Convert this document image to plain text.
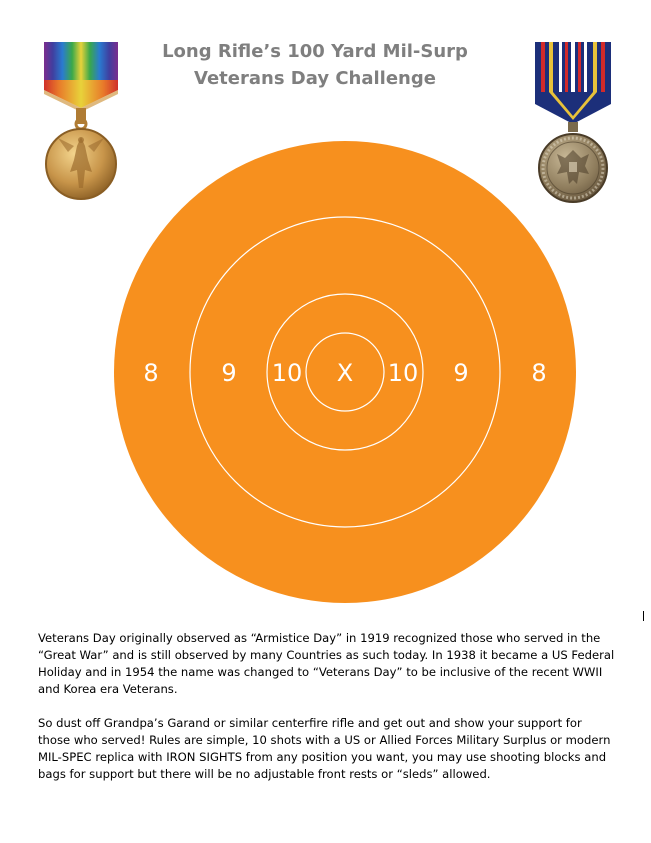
Long Rifle’s 100 Yard Mil-Surp
Veterans Day Challenge
8	9 10 X 10 9	8

Veterans Day originally observed as “Armistice Day” in 1919 recognized those who served in the “Great War” and is still observed by many Countries as such today. In 1938 it became a US Federal Holiday and in 1954 the name was changed to “Veterans Day” to be inclusive of the recent WWII and Korea era Veterans.

So dust off Grandpa’s Garand or similar centerfire rifle and get out and show your support for those who served! Rules are simple, 10 shots with a US or Allied Forces Military Surplus or modern MIL-SPEC replica with IRON SIGHTS from any position you want, you may use shooting blocks and bags for support but there will be no adjustable front rests or “sleds” allowed.
